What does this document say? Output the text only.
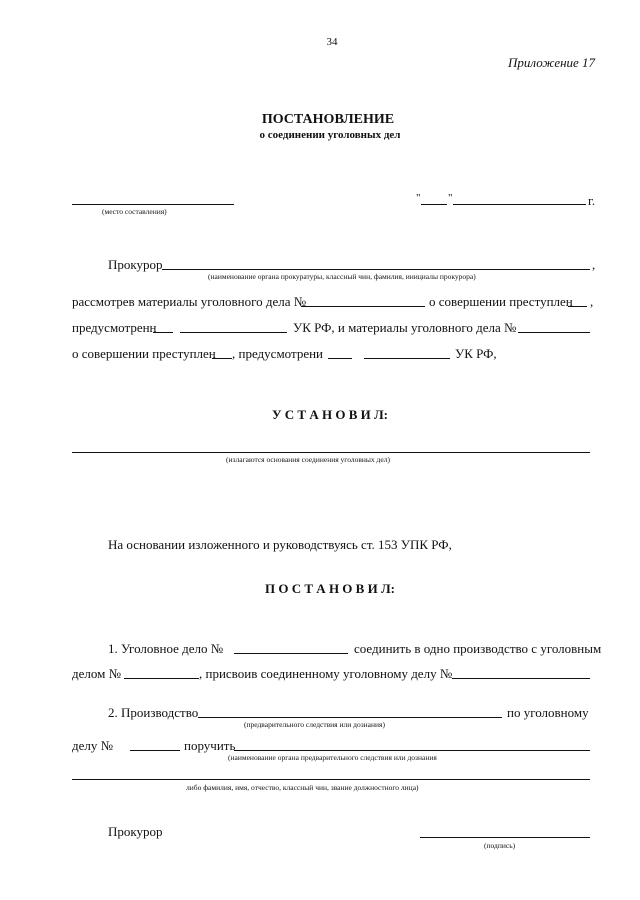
34
Приложение 17
ПОСТАНОВЛЕНИЕ
о соединении уголовных дел
(место составления)
"	"	г.
Прокурор	,
(наименование органа прокуратуры, классный чин, фамилия, инициалы прокурора)
рассмотрев материалы уголовного дела №	о совершении преступлен ,
предусмотренн	УК РФ, и материалы уголовного дела №
о совершении преступлен , предусмотрени	УК РФ,
У С Т А Н О В И Л:
(излагаются основания соединения уголовных дел)
На основании изложенного и руководствуясь ст. 153 УПК РФ,
П О С Т А Н О В И Л:
1. Уголовное дело №	соединить в одно производство с уголовным
делом №	, присвоив соединенному уголовному делу №
2. Производство	по уголовному
(предварительного следствия или дознания)
делу №	поручить
(наименование органа предварительного следствия или дознания
либо фамилия, имя, отчество, классный чин, звание должностного лица)
Прокурор
(подпись)
